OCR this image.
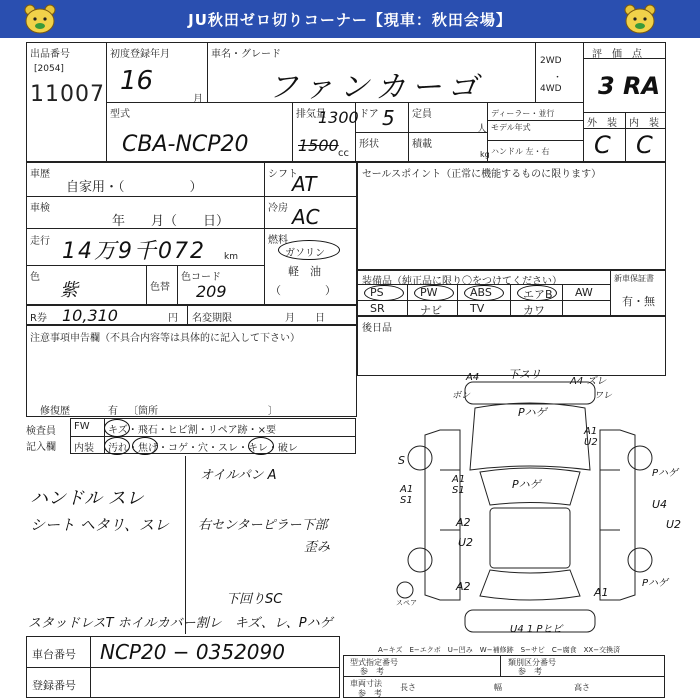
JU秋田ゼロ切りコーナー【現車：秋田会場】
出品番号
[2054]
11007
初度登録年月
16
月
車名・グレード
ファンカーゴ
2WD
・
4WD
評　価　点
3 RA
外　装 内　装
C C
型式
CBA-NCP20
排気量
1300
1500 cc
ドア 5 定員
人
形状	積載
kg
ディーラー・並行
モデル年式
ハンドル 左・右
車歴
自家用・（　　　　　）
シフト
AT
車検
年　　月（　　日）
冷房 AC
走行 14万9千072 km
燃料
ガソリン
軽　油
（　　　　）
色
紫	色替
色コード
209
R券 10,310	円 名変期限	月　　日
注意事項申告欄（不具合内容等は具体的に記入して下さい）
修復歴	有 〔箇所　　　　　　　　　　　〕
検査員
記入欄
FW キズ・飛石・ヒビ割・リペア跡・×要
内装 汚れ・焦げ・コゲ・穴・スレ・キレ・破レ
ハンドル スレ
シート ヘタリ、スレ
オイルパン A
右センターピラー下部
歪み
下回りSC
スタッドレスT ホイルカバー割レ　キズ、レ、Pハゲ
セールスポイント（正常に機能するものに限ります）
装備品（純正品に限り〇をつけてください）	新車保証書
有・無
PS	PW	ABS	エアB AW
SR	ナビ	TV	カワ
後日品
下スリ
A4	A4 ズレ
ボン	ワレ
Pハゲ
A1 U2
S
A1 S1	Pハゲ
A1 S1
Pハゲ
U4
U2
A2
U2
A2	A1
Pハゲ
スペア
U4 1 Pヒビ
A−キズ　E−エクボ　U−凹み　W−補修跡　S−サビ　C−腐食　XX−交換済
車台番号 NCP20 − 0352090
登録番号
型式指定番号
参　考
類別区分番号
参　考
車両寸法
参　考
長さ	幅	高さ
